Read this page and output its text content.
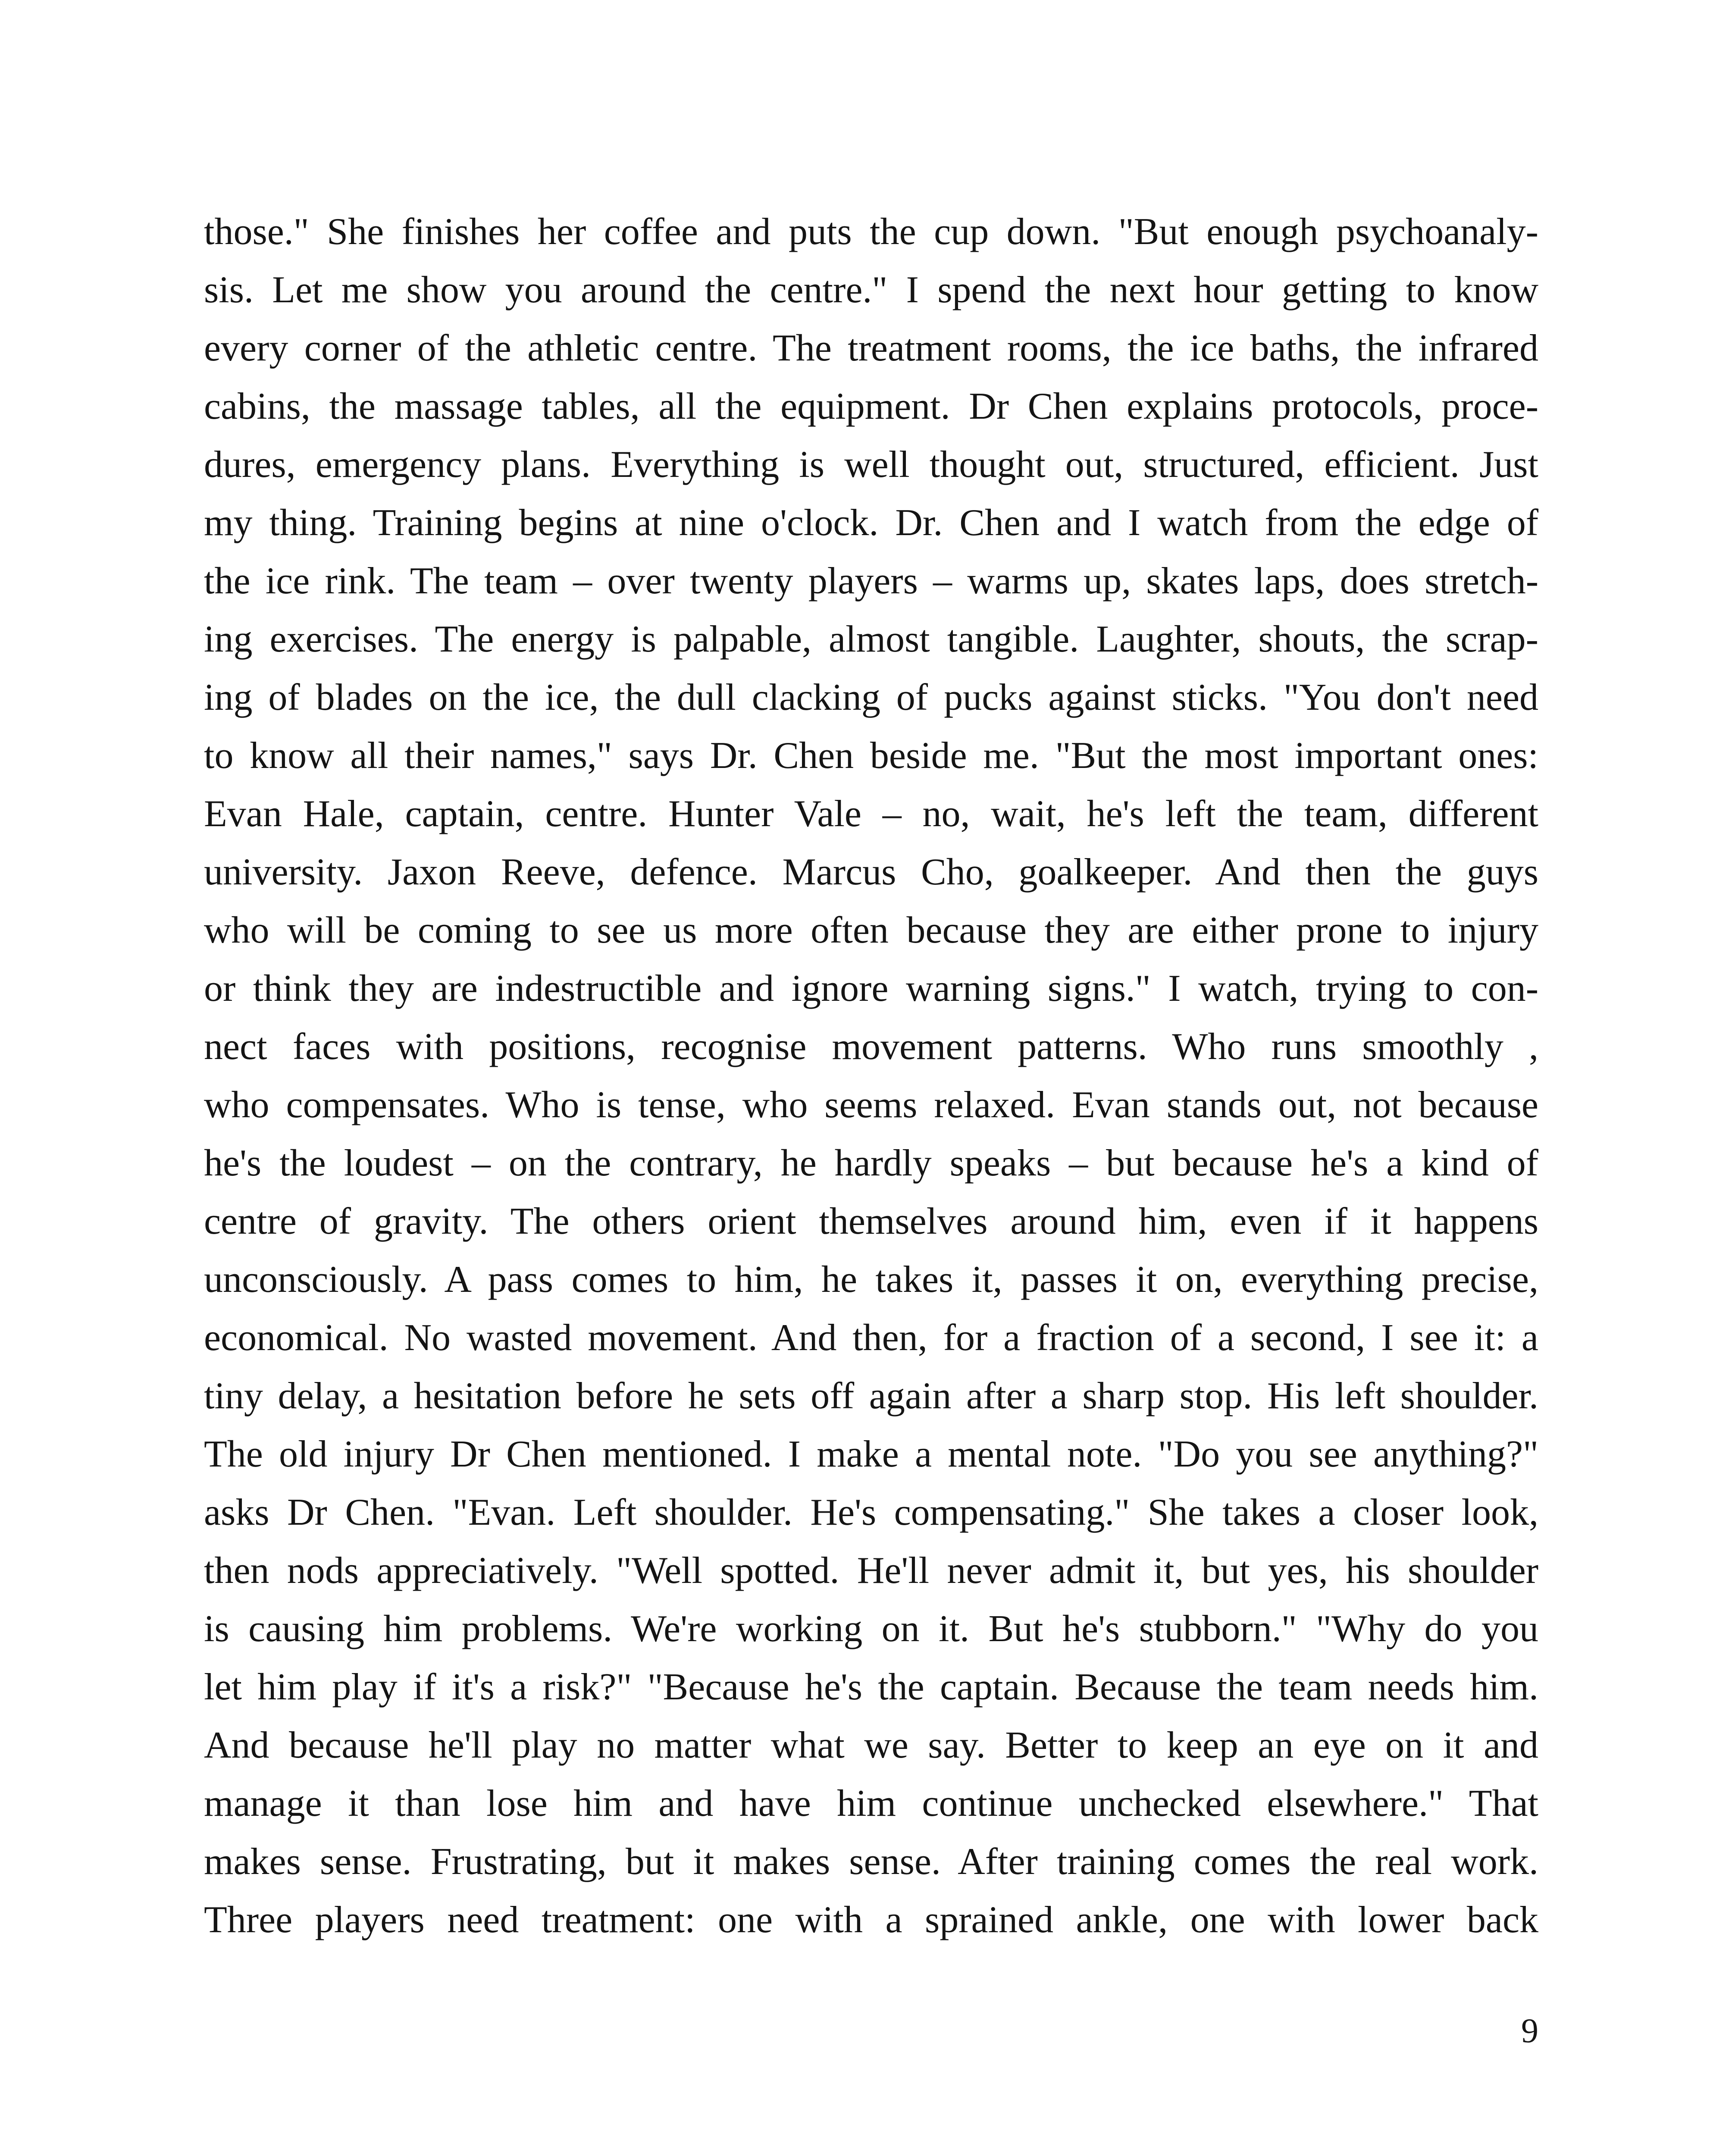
those." She finishes her coffee and puts the cup down. "But enough psychoanaly-
sis. Let me show you around the centre." I spend the next hour getting to know
every corner of the athletic centre. The treatment rooms, the ice baths, the infrared
cabins, the massage tables, all the equipment. Dr Chen explains protocols, proce-
dures, emergency plans. Everything is well thought out, structured, efficient. Just
my thing. Training begins at nine o'clock. Dr. Chen and I watch from the edge of
the ice rink. The team – over twenty players – warms up, skates laps, does stretch-
ing exercises. The energy is palpable, almost tangible. Laughter, shouts, the scrap-
ing of blades on the ice, the dull clacking of pucks against sticks. "You don't need
to know all their names," says Dr. Chen beside me. "But the most important ones:
Evan Hale, captain, centre. Hunter Vale – no, wait, he's left the team, different
university. Jaxon Reeve, defence. Marcus Cho, goalkeeper. And then the guys
who will be coming to see us more often because they are either prone to injury
or think they are indestructible and ignore warning signs." I watch, trying to con-
nect faces with positions, recognise movement patterns. Who runs smoothly ,
who compensates. Who is tense, who seems relaxed. Evan stands out, not because
he's the loudest – on the contrary, he hardly speaks – but because he's a kind of
centre of gravity. The others orient themselves around him, even if it happens
unconsciously. A pass comes to him, he takes it, passes it on, everything precise,
economical. No wasted movement. And then, for a fraction of a second, I see it: a
tiny delay, a hesitation before he sets off again after a sharp stop. His left shoulder.
The old injury Dr Chen mentioned. I make a mental note. "Do you see anything?"
asks Dr Chen. "Evan. Left shoulder. He's compensating." She takes a closer look,
then nods appreciatively. "Well spotted. He'll never admit it, but yes, his shoulder
is causing him problems. We're working on it. But he's stubborn." "Why do you
let him play if it's a risk?" "Because he's the captain. Because the team needs him.
And because he'll play no matter what we say. Better to keep an eye on it and
manage it than lose him and have him continue unchecked elsewhere." That
makes sense. Frustrating, but it makes sense. After training comes the real work.
Three players need treatment: one with a sprained ankle, one with lower back
9
